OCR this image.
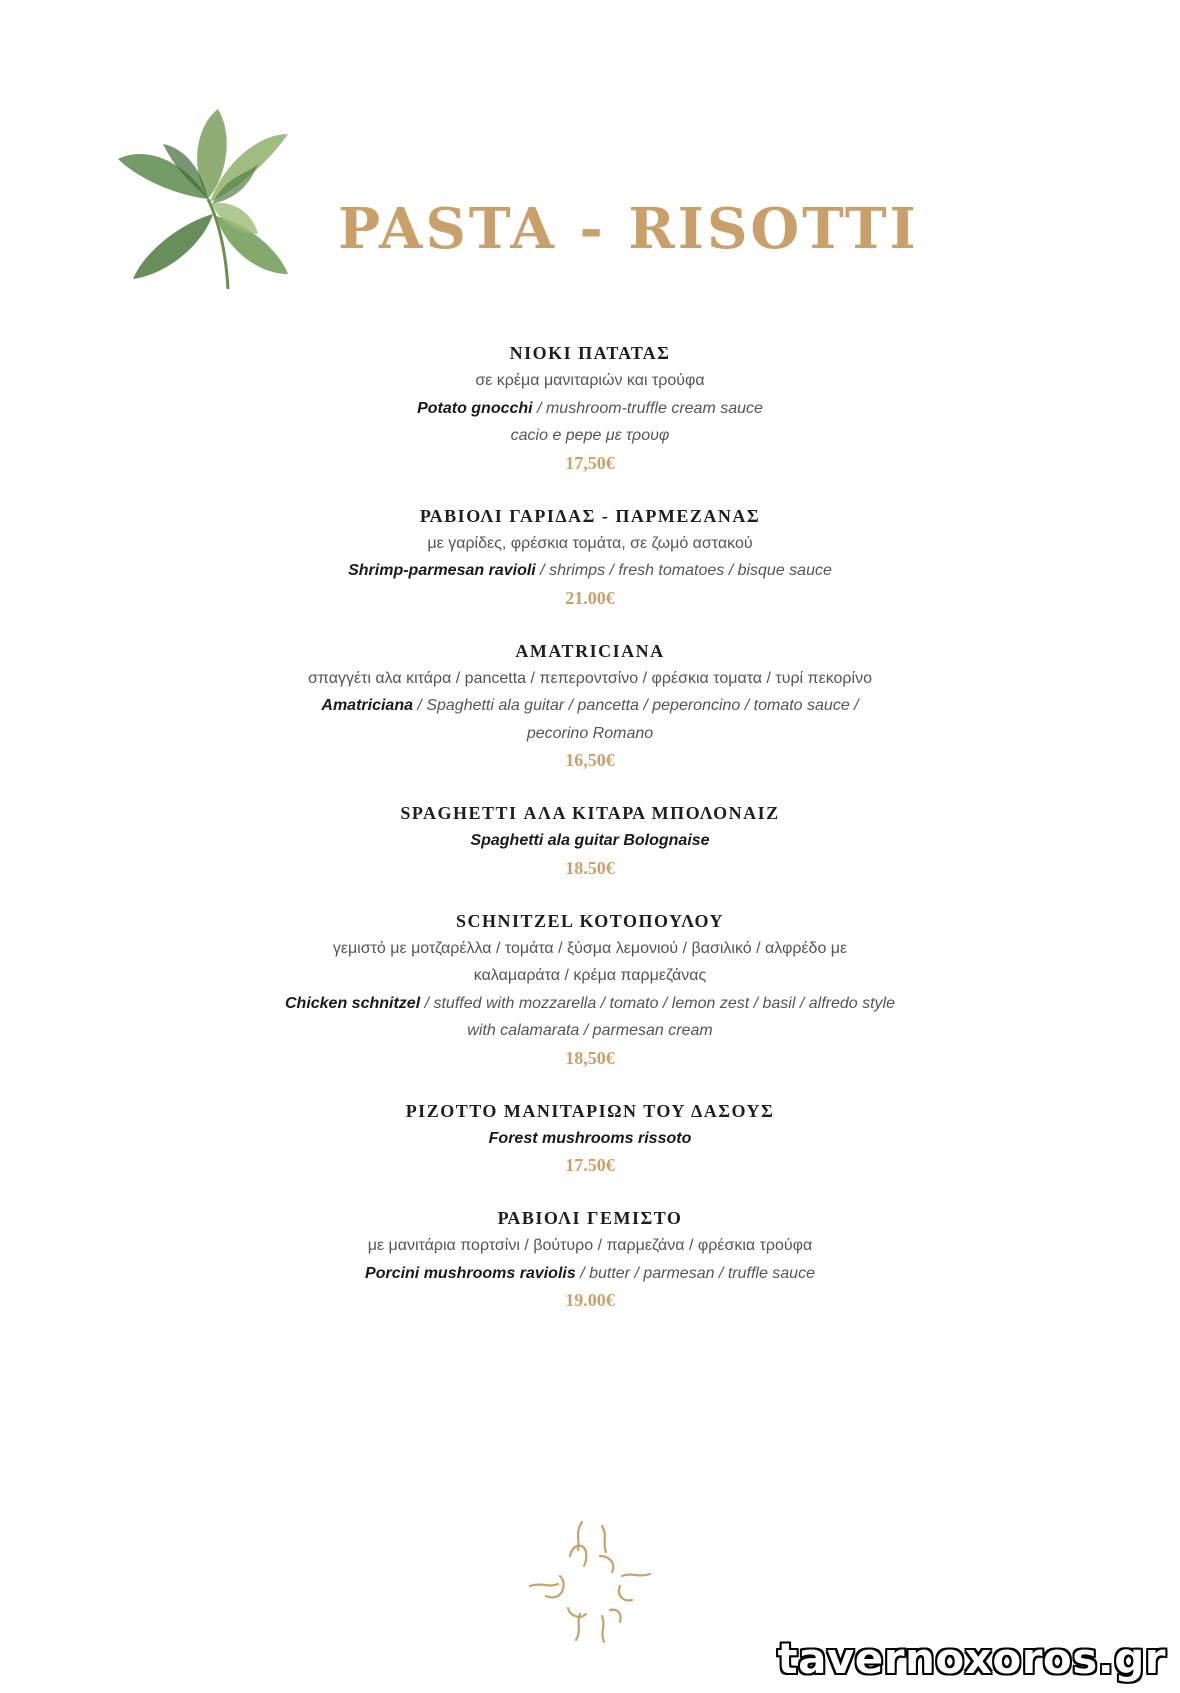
PASTA - RISOTTI
ΝΙΟΚΙ ΠΑΤΑΤΑΣ
σε κρέμα μανιταριών και τρούφα
Potato gnocchi / mushroom-truffle cream sauce
cacio e pepe με τρουφ
17,50€
ΡΑΒΙΟΛΙ ΓΑΡΙΔΑΣ - ΠΑΡΜΕΖΑΝΑΣ
με γαρίδες, φρέσκια τομάτα, σε ζωμό αστακού
Shrimp-parmesan ravioli / shrimps / fresh tomatoes / bisque sauce
21.00€
AMATRICIANA
σπαγγέτι αλα κιτάρα / pancetta / πεπεροντσίνο / φρέσκια τοματα / τυρί πεκορίνο
Amatriciana / Spaghetti ala guitar / pancetta / peperoncino / tomato sauce /
pecorino Romano
16,50€
SPAGHETTI ΑΛΑ ΚΙΤΑΡΑ ΜΠΟΛΟΝΑΙΖ
Spaghetti ala guitar Bolognaise
18.50€
SCHNITZEL ΚΟΤΟΠΟΥΛΟΥ
γεμιστό με μοτζαρέλλα / τομάτα / ξύσμα λεμονιού / βασιλικό / αλφρέδο με
καλαμαράτα / κρέμα παρμεζάνας
Chicken schnitzel / stuffed with mozzarella / tomato / lemon zest / basil / alfredo style
with calamarata / parmesan cream
18,50€
ΡΙΖΟΤΤΟ ΜΑΝΙΤΑΡΙΩΝ ΤΟΥ ΔΑΣΟΥΣ
Forest mushrooms rissoto
17.50€
ΡΑΒΙΟΛΙ ΓΕΜΙΣΤΟ
με μανιτάρια πορτσίνι / βούτυρο / παρμεζάνα / φρέσκια τρούφα
Porcini mushrooms raviolis / butter / parmesan / truffle sauce
19.00€
tavernoxoros.gr
